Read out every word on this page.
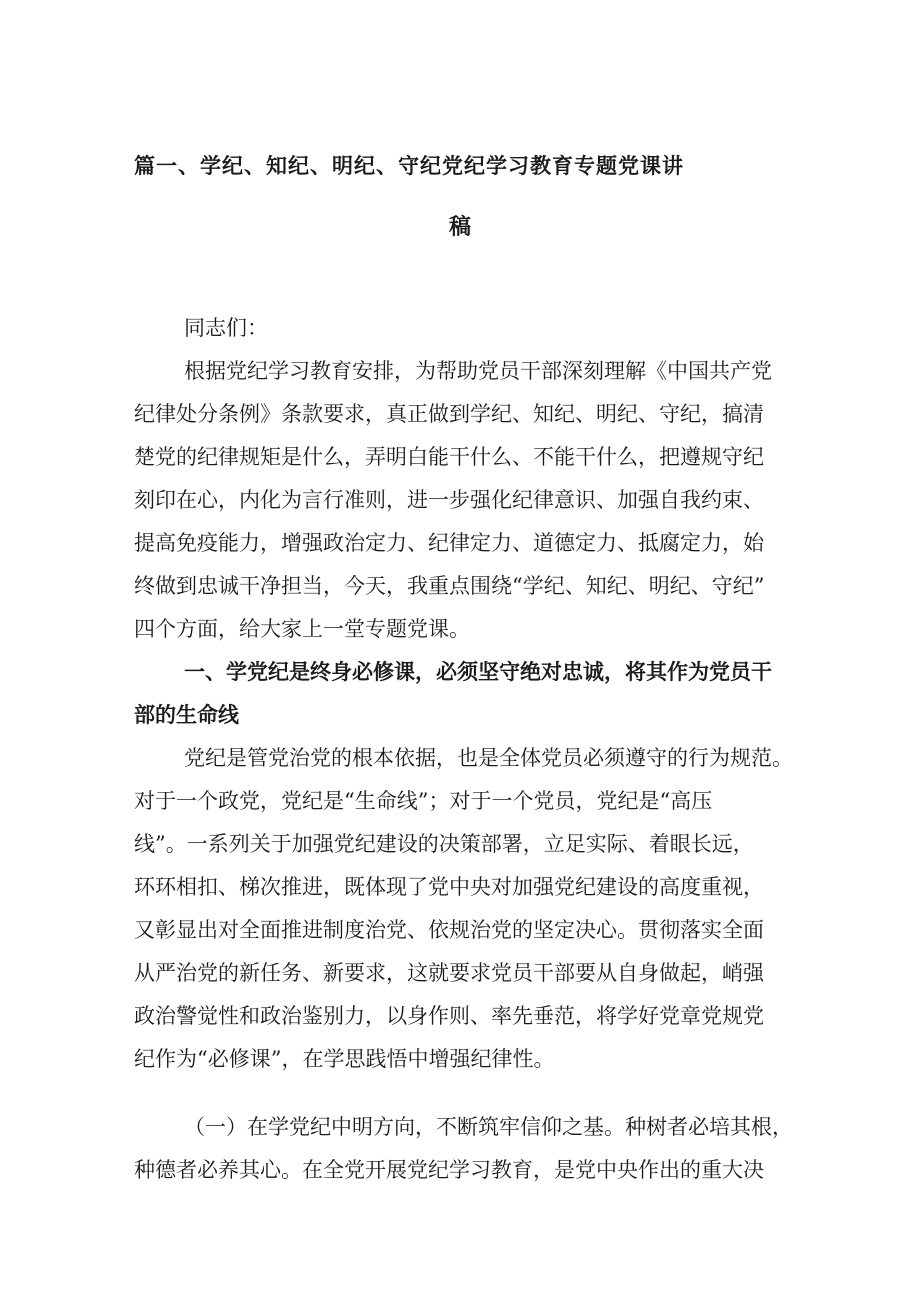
篇一、学纪、知纪、明纪、守纪党纪学习教育专题党课讲
稿
同志们：
根据党纪学习教育安排，为帮助党员干部深刻理解《中国共产党
纪律处分条例》条款要求，真正做到学纪、知纪、明纪、守纪，搞清
楚党的纪律规矩是什么，弄明白能干什么、不能干什么，把遵规守纪
刻印在心，内化为言行准则，进一步强化纪律意识、加强自我约束、
提高免疫能力，增强政治定力、纪律定力、道德定力、抵腐定力，始
终做到忠诚干净担当，今天，我重点围绕“学纪、知纪、明纪、守纪”
四个方面，给大家上一堂专题党课。
一、学党纪是终身必修课，必须坚守绝对忠诚，将其作为党员干
部的生命线
党纪是管党治党的根本依据，也是全体党员必须遵守的行为规范。
对于一个政党，党纪是“生命线”；对于一个党员，党纪是“高压
线”。一系列关于加强党纪建设的决策部署，立足实际、着眼长远，
环环相扣、梯次推进，既体现了党中央对加强党纪建设的高度重视，
又彰显出对全面推进制度治党、依规治党的坚定决心。贯彻落实全面
从严治党的新任务、新要求，这就要求党员干部要从自身做起，峭强
政治警觉性和政治鉴别力，以身作则、率先垂范，将学好党章党规党
纪作为“必修课”，在学思践悟中增强纪律性。
（一）在学党纪中明方向，不断筑牢信仰之基。种树者必培其根，
种德者必养其心。在全党开展党纪学习教育，是党中央作出的重大决
